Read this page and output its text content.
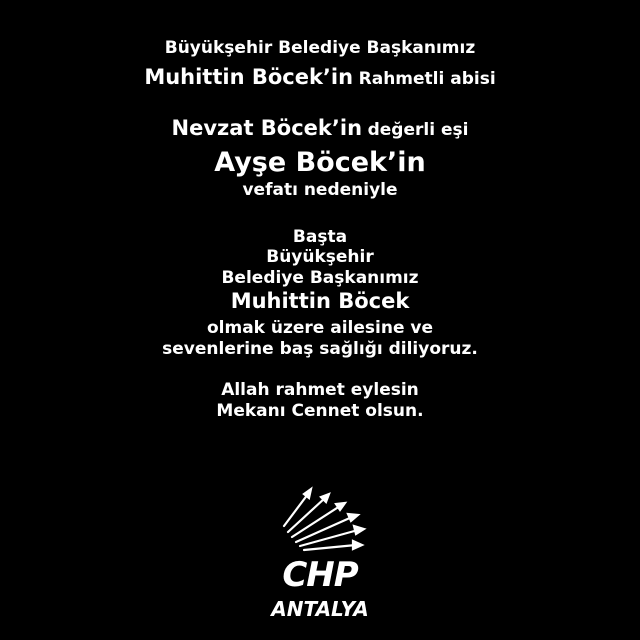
Büyükşehir Belediye Başkanımız
Muhittin Böcek’in Rahmetli abisi
Nevzat Böcek’in değerli eşi
Ayşe Böcek’in
vefatı nedeniyle
Başta
Büyükşehir
Belediye Başkanımız
Muhittin Böcek
olmak üzere ailesine ve
sevenlerine baş sağlığı diliyoruz.
Allah rahmet eylesin
Mekanı Cennet olsun.
CHP
ANTALYA
